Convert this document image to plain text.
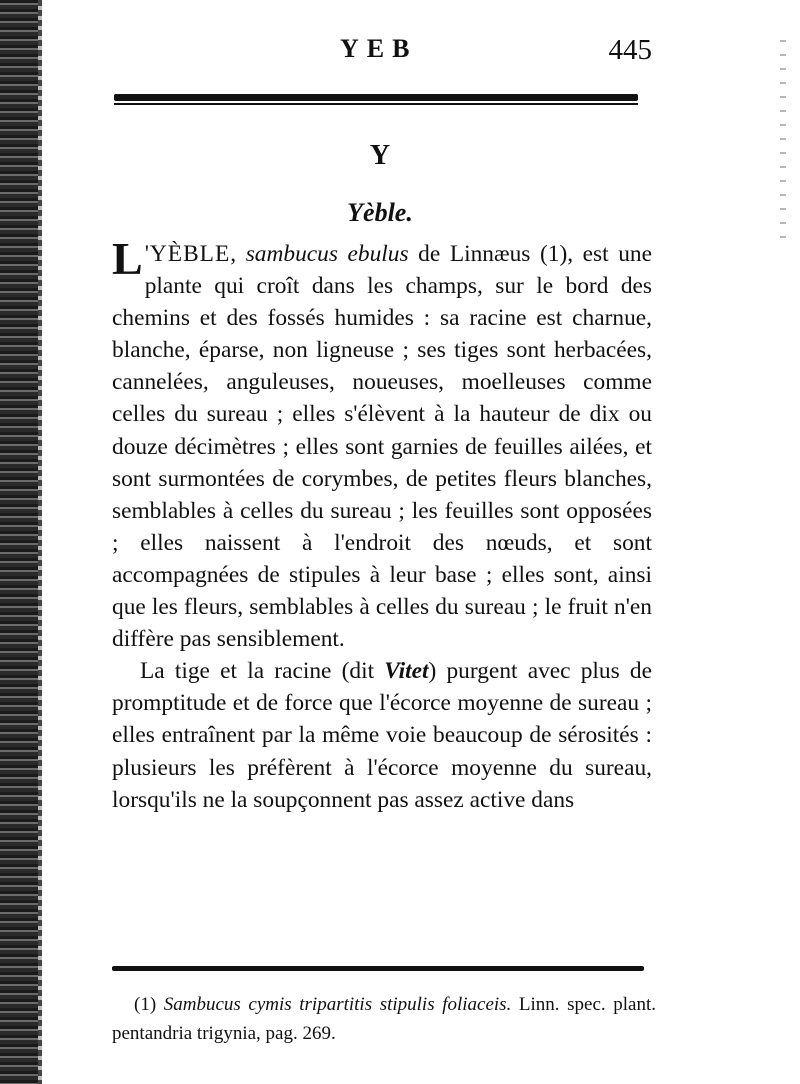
YEB	445
Y
Yèble.

L 'YÈBLE, sambucus ebulus de Linnæus (1), est une plante qui croît dans les champs, sur le bord des chemins et des fossés humides : sa racine est charnue, blanche, éparse, non ligneuse ; ses tiges sont herbacées, cannelées, anguleuses, noueuses, moelleuses comme celles du sureau ; elles s'élèvent à la hauteur de dix ou douze décimètres ; elles sont garnies de feuilles ailées, et sont surmontées de corymbes, de petites fleurs blanches, semblables à celles du sureau ; les feuilles sont opposées ; elles naissent à l'endroit des nœuds, et sont accompagnées de stipules à leur base ; elles sont, ainsi que les fleurs, semblables à celles du sureau ; le fruit n'en diffère pas sensiblement.

La tige et la racine (dit Vitet) purgent avec plus de promptitude et de force que l'écorce moyenne de sureau ; elles entraînent par la même voie beaucoup de sérosités : plusieurs les préfèrent à l'écorce moyenne du sureau, lorsqu'ils ne la soupçonnent pas assez active dans

(1) Sambucus cymis tripartitis stipulis foliaceis. Linn. spec. plant. pentandria trigynia, pag. 269.
